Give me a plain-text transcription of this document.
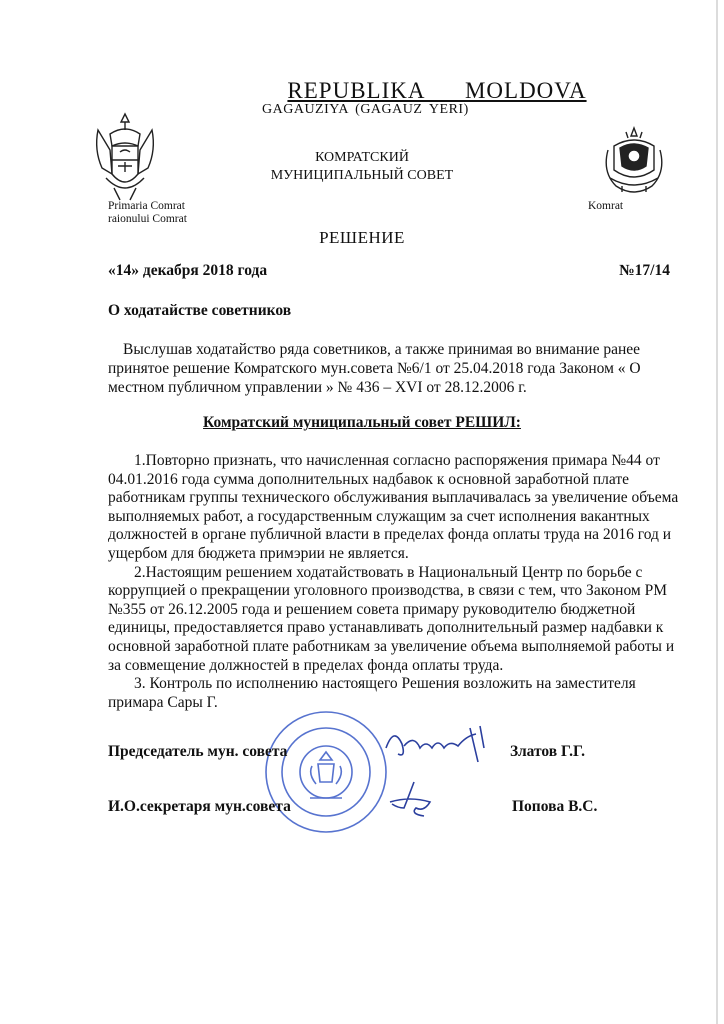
REPUBLIKA MOLDOVA
GAGAUZIYA (GAGAUZ YERI)
КОМРАТСКИЙ
МУНИЦИПАЛЬНЫЙ СОВЕТ
Primaria Comrat
raionului Comrat
Komrat
РЕШЕНИЕ
«14» декабря 2018 года	№17/14
О ходатайстве советников
Выслушав ходатайство ряда советников, а также принимая во внимание ранее принятое решение Комратского мун.совета №6/1 от 25.04.2018 года Законом « О местном публичном управлении » № 436 – XVI от 28.12.2006 г.
Комратский муниципальный совет РЕШИЛ:

1.Повторно признать, что начисленная согласно распоряжения примара №44 от 04.01.2016 года сумма дополнительных надбавок к основной заработной плате работникам группы технического обслуживания выплачивалась за увеличение объема выполняемых работ, а государственным служащим за счет исполнения вакантных должностей в органе публичной власти в пределах фонда оплаты труда на 2016 год и ущербом для бюджета примэрии не является.

2.Настоящим решением ходатайствовать в Национальный Центр по борьбе с коррупцией о прекращении уголовного производства, в связи с тем, что Законом РМ №355 от 26.12.2005 года и решением совета примару руководителю бюджетной единицы, предоставляется право устанавливать дополнительный размер надбавки к основной заработной плате работникам за увеличение объема выполняемой работы и за совмещение должностей в пределах фонда оплаты труда.

3. Контроль по исполнению настоящего Решения возложить на заместителя примара Сары Г.

Председатель мун. совета	Златов Г.Г.
И.О.секретаря мун.совета	Попова В.С.
